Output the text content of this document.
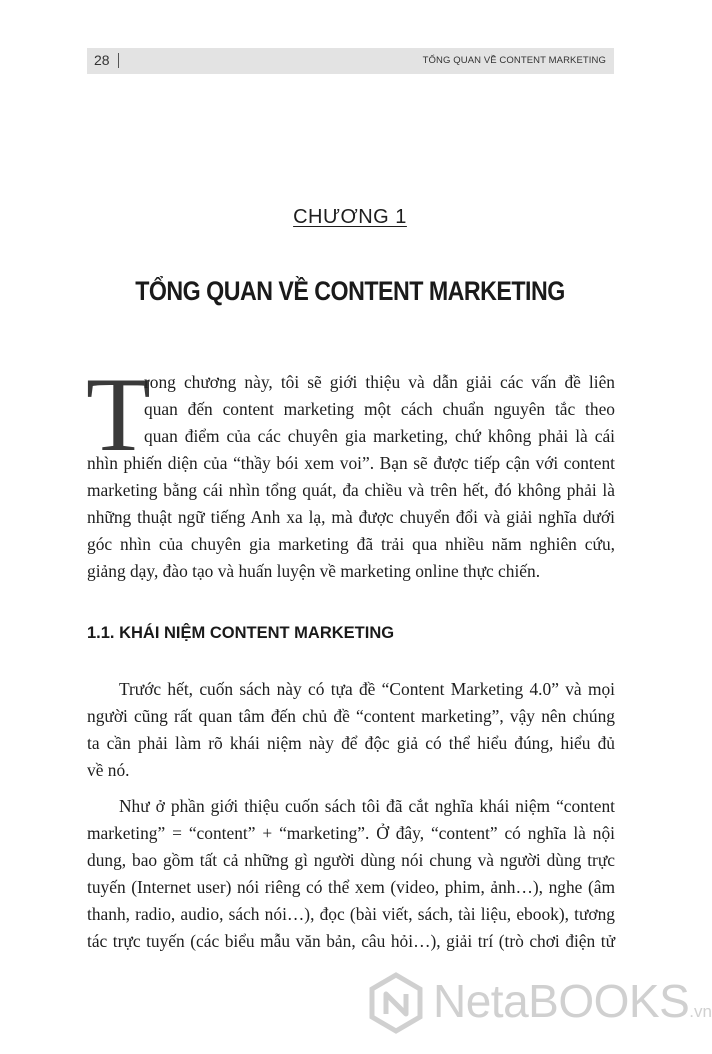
28	TỔNG QUAN VỀ CONTENT MARKETING
CHƯƠNG 1
TỔNG QUAN VỀ CONTENT MARKETING
T
rong chương này, tôi sẽ giới thiệu và dẫn giải các vấn đề liên
quan đến content marketing một cách chuẩn nguyên tắc theo
quan điểm của các chuyên gia marketing, chứ không phải là cái
nhìn phiến diện của “thầy bói xem voi”. Bạn sẽ được tiếp cận với content
marketing bằng cái nhìn tổng quát, đa chiều và trên hết, đó không phải là
những thuật ngữ tiếng Anh xa lạ, mà được chuyển đổi và giải nghĩa dưới
góc nhìn của chuyên gia marketing đã trải qua nhiều năm nghiên cứu,
giảng dạy, đào tạo và huấn luyện về marketing online thực chiến.
1.1. KHÁI NIỆM CONTENT MARKETING
Trước hết, cuốn sách này có tựa đề “Content Marketing 4.0” và mọi
người cũng rất quan tâm đến chủ đề “content marketing”, vậy nên chúng
ta cần phải làm rõ khái niệm này để độc giả có thể hiểu đúng, hiểu đủ
về nó.
Như ở phần giới thiệu cuốn sách tôi đã cắt nghĩa khái niệm “content
marketing” = “content” + “marketing”. Ở đây, “content” có nghĩa là nội
dung, bao gồm tất cả những gì người dùng nói chung và người dùng trực
tuyến (Internet user) nói riêng có thể xem (video, phim, ảnh…), nghe (âm
thanh, radio, audio, sách nói…), đọc (bài viết, sách, tài liệu, ebook), tương
tác trực tuyến (các biểu mẫu văn bản, câu hỏi…), giải trí (trò chơi điện tử
NetaBOOKS.vn
